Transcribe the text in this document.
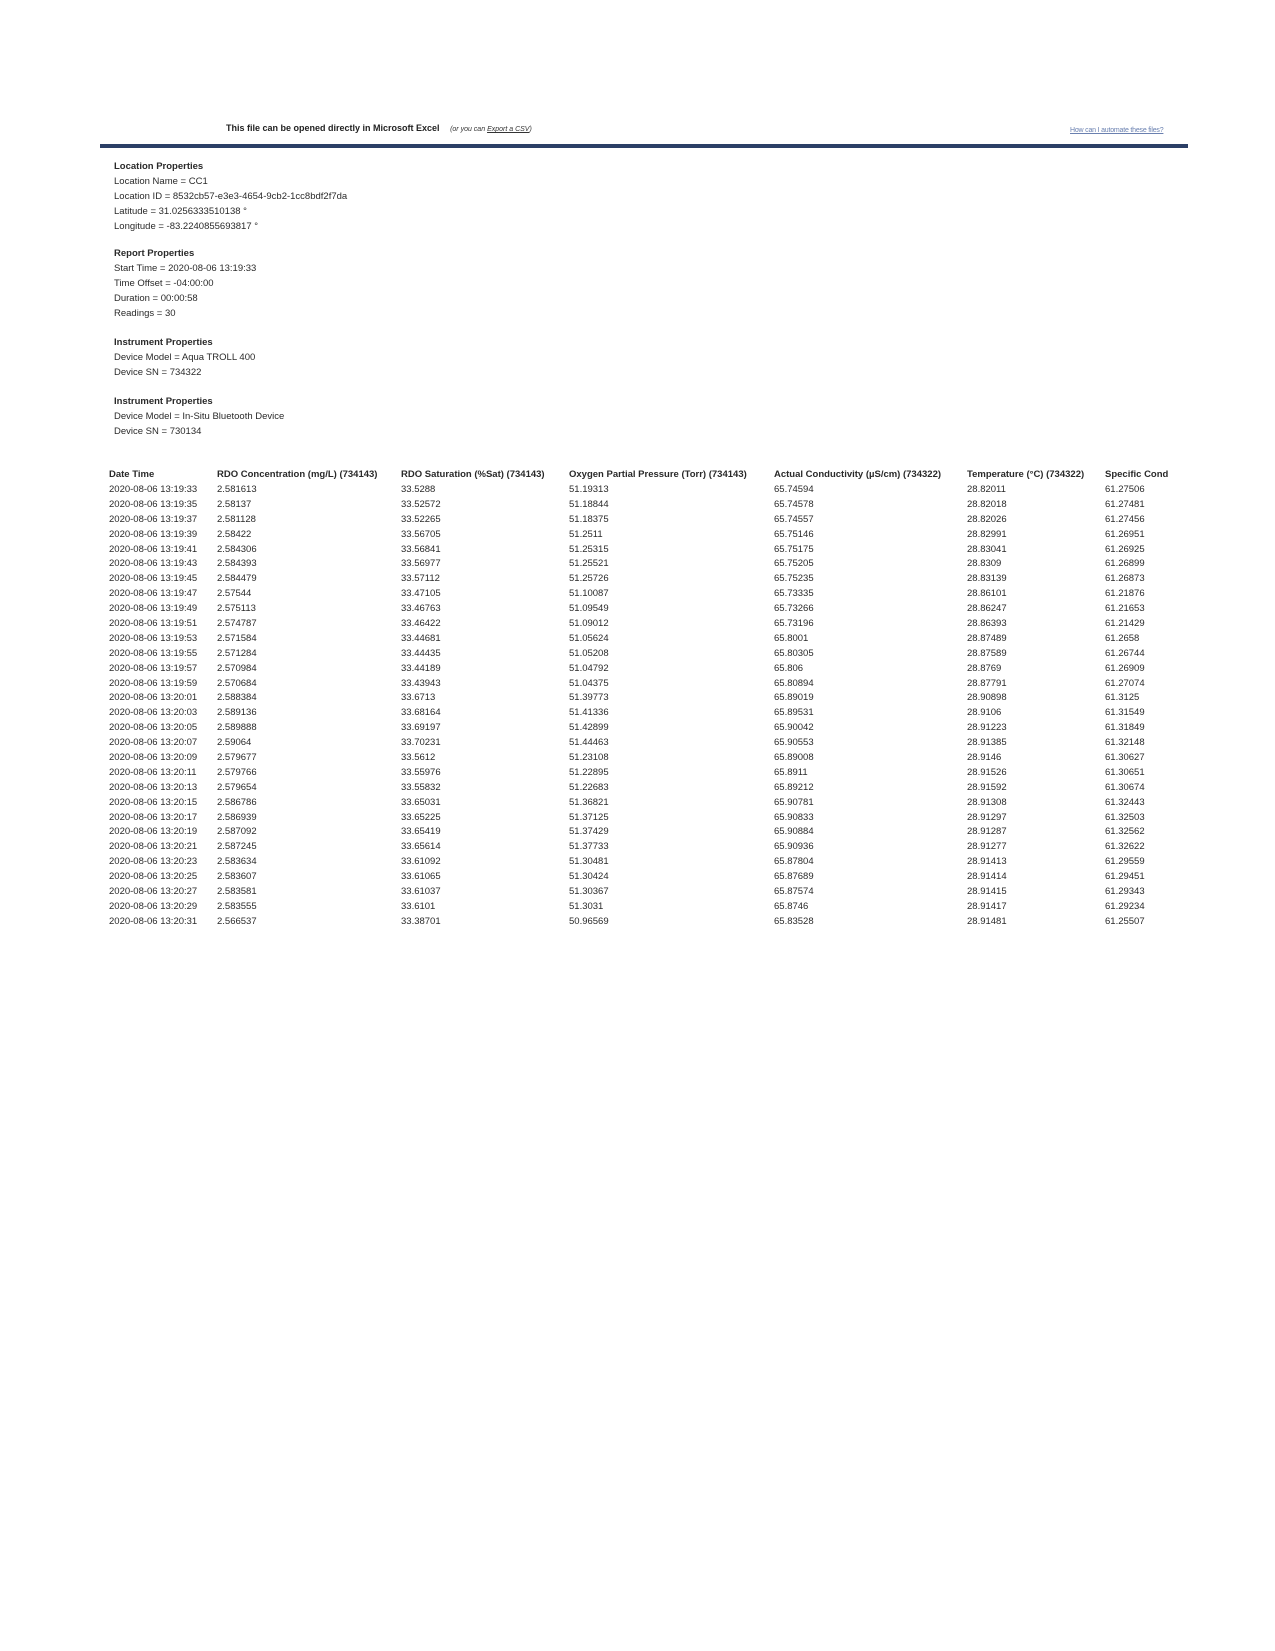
This file can be opened directly in Microsoft Excel (or you can Export a CSV)	How can I automate these files?
Location Properties
Location Name = CC1
Location ID = 8532cb57-e3e3-4654-9cb2-1cc8bdf2f7da
Latitude = 31.0256333510138 °
Longitude = -83.2240855693817 °
Report Properties
Start Time = 2020-08-06 13:19:33
Time Offset = -04:00:00
Duration = 00:00:58
Readings = 30
Instrument Properties
Device Model = Aqua TROLL 400
Device SN = 734322
Instrument Properties
Device Model = In-Situ Bluetooth Device
Device SN = 730134
Date Time	RDO Concentration (mg/L) (734143)	RDO Saturation (%Sat) (734143)	Oxygen Partial Pressure (Torr) (734143)	Actual Conductivity (µS/cm) (734322)	Temperature (°C) (734322)	Specific Cond
2020-08-06 13:19:33	2.581613	33.5288	51.19313	65.74594	28.82011	61.27506
2020-08-06 13:19:35	2.58137	33.52572	51.18844	65.74578	28.82018	61.27481
2020-08-06 13:19:37	2.581128	33.52265	51.18375	65.74557	28.82026	61.27456
2020-08-06 13:19:39	2.58422	33.56705	51.2511	65.75146	28.82991	61.26951
2020-08-06 13:19:41	2.584306	33.56841	51.25315	65.75175	28.83041	61.26925
2020-08-06 13:19:43	2.584393	33.56977	51.25521	65.75205	28.8309	61.26899
2020-08-06 13:19:45	2.584479	33.57112	51.25726	65.75235	28.83139	61.26873
2020-08-06 13:19:47	2.57544	33.47105	51.10087	65.73335	28.86101	61.21876
2020-08-06 13:19:49	2.575113	33.46763	51.09549	65.73266	28.86247	61.21653
2020-08-06 13:19:51	2.574787	33.46422	51.09012	65.73196	28.86393	61.21429
2020-08-06 13:19:53	2.571584	33.44681	51.05624	65.8001	28.87489	61.2658
2020-08-06 13:19:55	2.571284	33.44435	51.05208	65.80305	28.87589	61.26744
2020-08-06 13:19:57	2.570984	33.44189	51.04792	65.806	28.8769	61.26909
2020-08-06 13:19:59	2.570684	33.43943	51.04375	65.80894	28.87791	61.27074
2020-08-06 13:20:01	2.588384	33.6713	51.39773	65.89019	28.90898	61.3125
2020-08-06 13:20:03	2.589136	33.68164	51.41336	65.89531	28.9106	61.31549
2020-08-06 13:20:05	2.589888	33.69197	51.42899	65.90042	28.91223	61.31849
2020-08-06 13:20:07	2.59064	33.70231	51.44463	65.90553	28.91385	61.32148
2020-08-06 13:20:09	2.579677	33.5612	51.23108	65.89008	28.9146	61.30627
2020-08-06 13:20:11	2.579766	33.55976	51.22895	65.8911	28.91526	61.30651
2020-08-06 13:20:13	2.579654	33.55832	51.22683	65.89212	28.91592	61.30674
2020-08-06 13:20:15	2.586786	33.65031	51.36821	65.90781	28.91308	61.32443
2020-08-06 13:20:17	2.586939	33.65225	51.37125	65.90833	28.91297	61.32503
2020-08-06 13:20:19	2.587092	33.65419	51.37429	65.90884	28.91287	61.32562
2020-08-06 13:20:21	2.587245	33.65614	51.37733	65.90936	28.91277	61.32622
2020-08-06 13:20:23	2.583634	33.61092	51.30481	65.87804	28.91413	61.29559
2020-08-06 13:20:25	2.583607	33.61065	51.30424	65.87689	28.91414	61.29451
2020-08-06 13:20:27	2.583581	33.61037	51.30367	65.87574	28.91415	61.29343
2020-08-06 13:20:29	2.583555	33.6101	51.3031	65.8746	28.91417	61.29234
2020-08-06 13:20:31	2.566537	33.38701	50.96569	65.83528	28.91481	61.25507
